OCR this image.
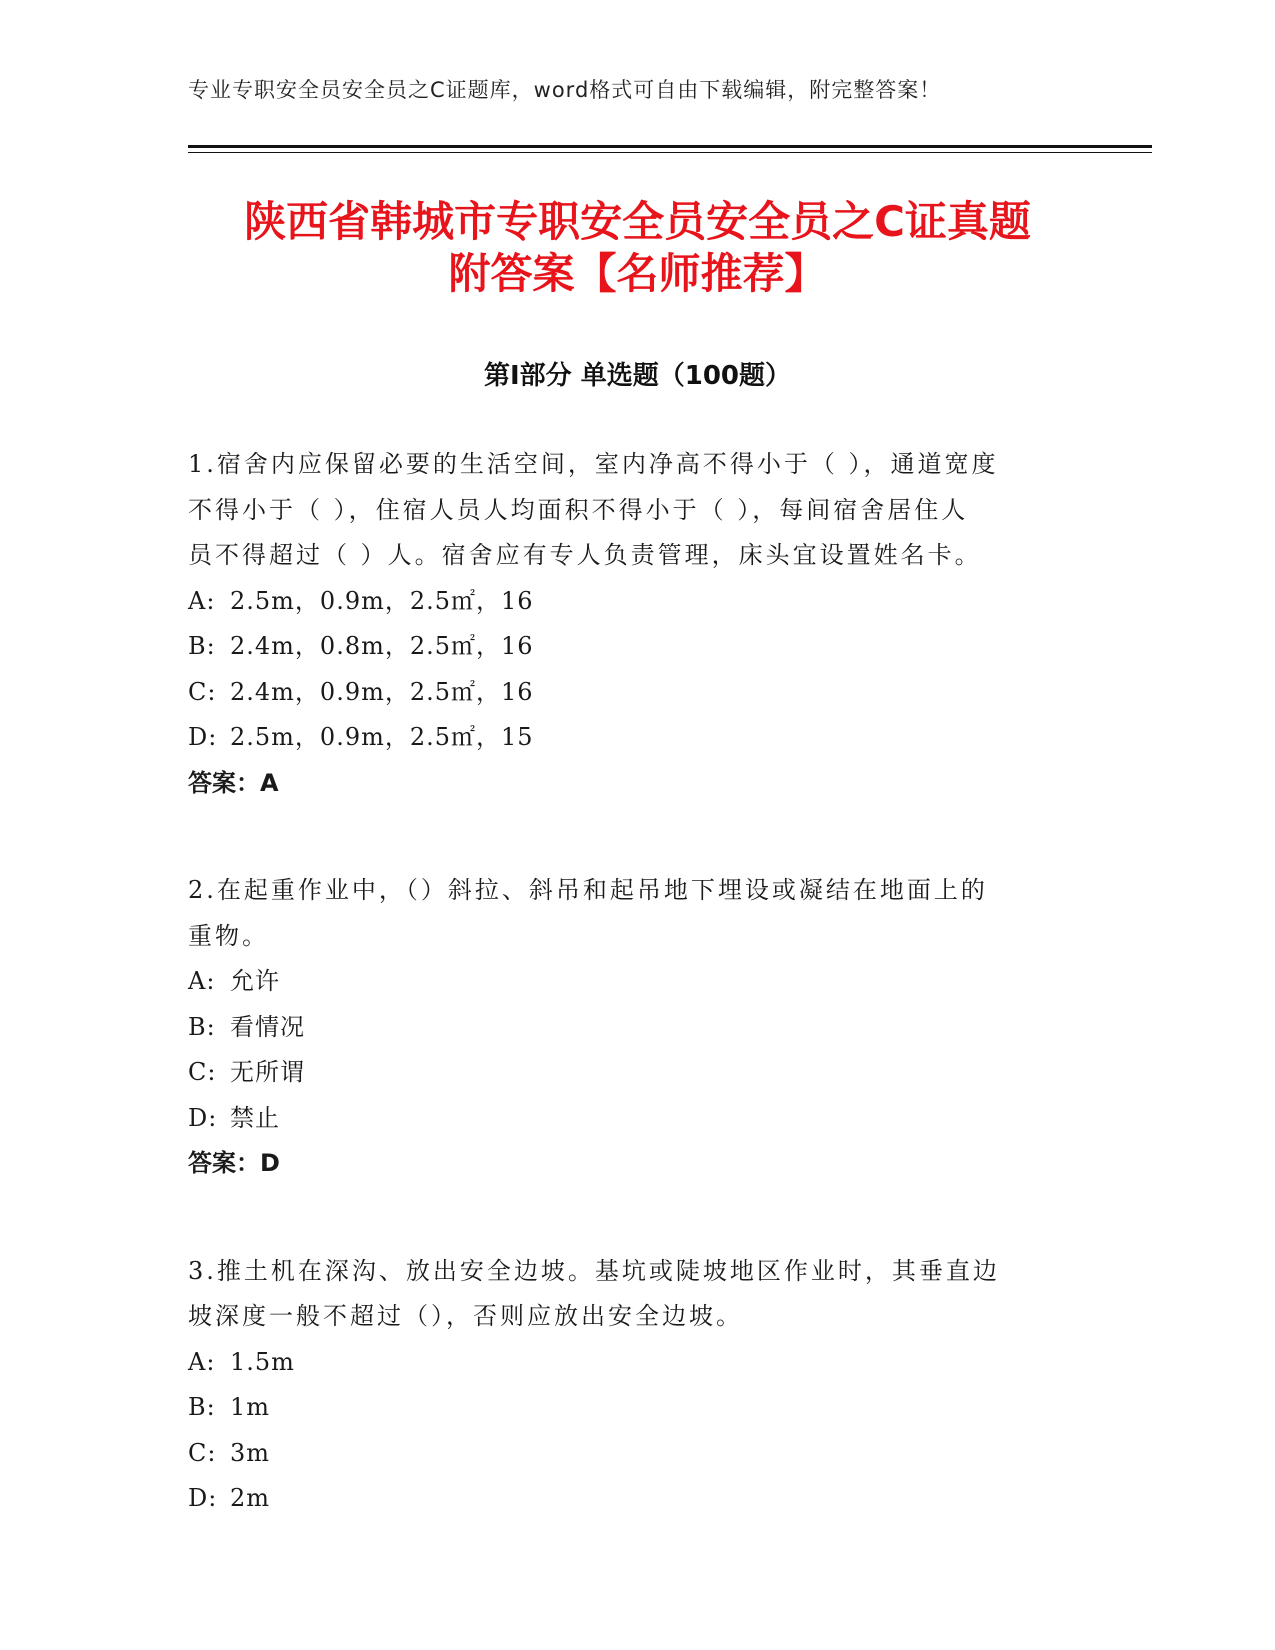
专业专职安全员安全员之C证题库，word格式可自由下载编辑，附完整答案！
陕西省韩城市专职安全员安全员之C证真题
附答案【名师推荐】
第Ⅰ部分 单选题（100题）
1.宿舍内应保留必要的生活空间，室内净高不得小于（ ），通道宽度
不得小于（ ），住宿人员人均面积不得小于（ ），每间宿舍居住人
员不得超过（ ）人。宿舍应有专人负责管理，床头宜设置姓名卡。
A: 2.5m，0.9m，2.5㎡，16
B: 2.4m，0.8m，2.5㎡，16
C: 2.4m，0.9m，2.5㎡，16
D: 2.5m，0.9m，2.5㎡，15
答案：A
2.在起重作业中，（）斜拉、斜吊和起吊地下埋设或凝结在地面上的
重物。
A: 允许
B: 看情况
C: 无所谓
D: 禁止
答案：D
3.推土机在深沟、放出安全边坡。基坑或陡坡地区作业时，其垂直边
坡深度一般不超过（），否则应放出安全边坡。
A: 1.5m
B: 1m
C: 3m
D: 2m
